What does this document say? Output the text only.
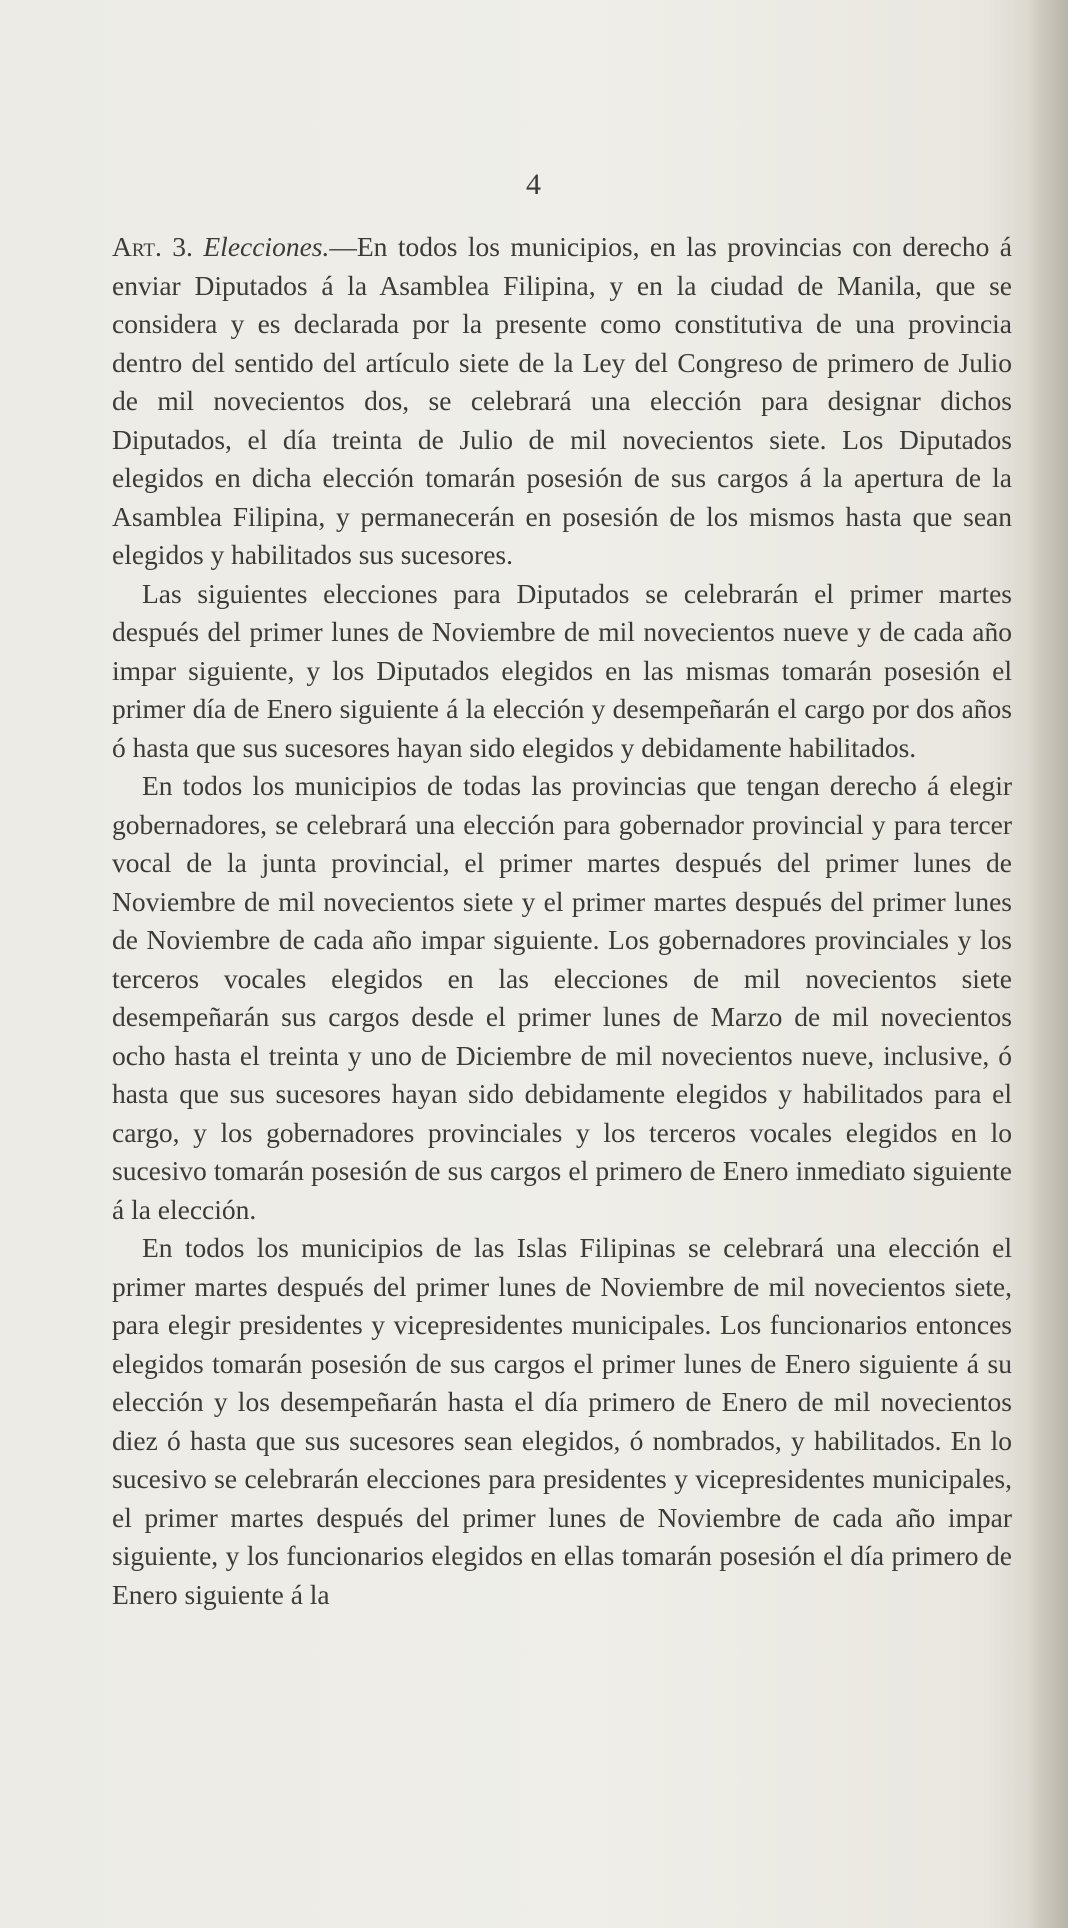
4

Art. 3. Elecciones.—En todos los municipios, en las provincias con derecho á enviar Diputados á la Asamblea Filipina, y en la ciudad de Manila, que se considera y es declarada por la presente como constitutiva de una provincia dentro del sentido del artículo siete de la Ley del Congreso de primero de Julio de mil novecientos dos, se celebrará una elección para designar dichos Diputados, el día treinta de Julio de mil novecientos siete. Los Diputados elegidos en dicha elección tomarán posesión de sus cargos á la apertura de la Asamblea Filipina, y permanecerán en posesión de los mismos hasta que sean elegidos y habilitados sus sucesores.

Las siguientes elecciones para Diputados se celebrarán el primer martes después del primer lunes de Noviembre de mil novecientos nueve y de cada año impar siguiente, y los Diputados elegidos en las mismas tomarán posesión el primer día de Enero siguiente á la elección y desempeñarán el cargo por dos años ó hasta que sus sucesores hayan sido elegidos y debidamente habilitados.

En todos los municipios de todas las provincias que tengan derecho á elegir gobernadores, se celebrará una elección para gobernador provincial y para tercer vocal de la junta provincial, el primer martes después del primer lunes de Noviembre de mil novecientos siete y el primer martes después del primer lunes de Noviembre de cada año impar siguiente. Los gobernadores provinciales y los terceros vocales elegidos en las elecciones de mil novecientos siete desempeñarán sus cargos desde el primer lunes de Marzo de mil novecientos ocho hasta el treinta y uno de Diciembre de mil novecientos nueve, inclusive, ó hasta que sus sucesores hayan sido debidamente elegidos y habilitados para el cargo, y los gobernadores provinciales y los terceros vocales elegidos en lo sucesivo tomarán posesión de sus cargos el primero de Enero inmediato siguiente á la elección.

En todos los municipios de las Islas Filipinas se celebrará una elección el primer martes después del primer lunes de Noviembre de mil novecientos siete, para elegir presidentes y vicepresidentes municipales. Los funcionarios entonces elegidos tomarán posesión de sus cargos el primer lunes de Enero siguiente á su elección y los desempeñarán hasta el día primero de Enero de mil novecientos diez ó hasta que sus sucesores sean elegidos, ó nombrados, y habilitados. En lo sucesivo se celebrarán elecciones para presidentes y vicepresidentes municipales, el primer martes después del primer lunes de Noviembre de cada año impar siguiente, y los funcionarios elegidos en ellas tomarán posesión el día primero de Enero siguiente á la
